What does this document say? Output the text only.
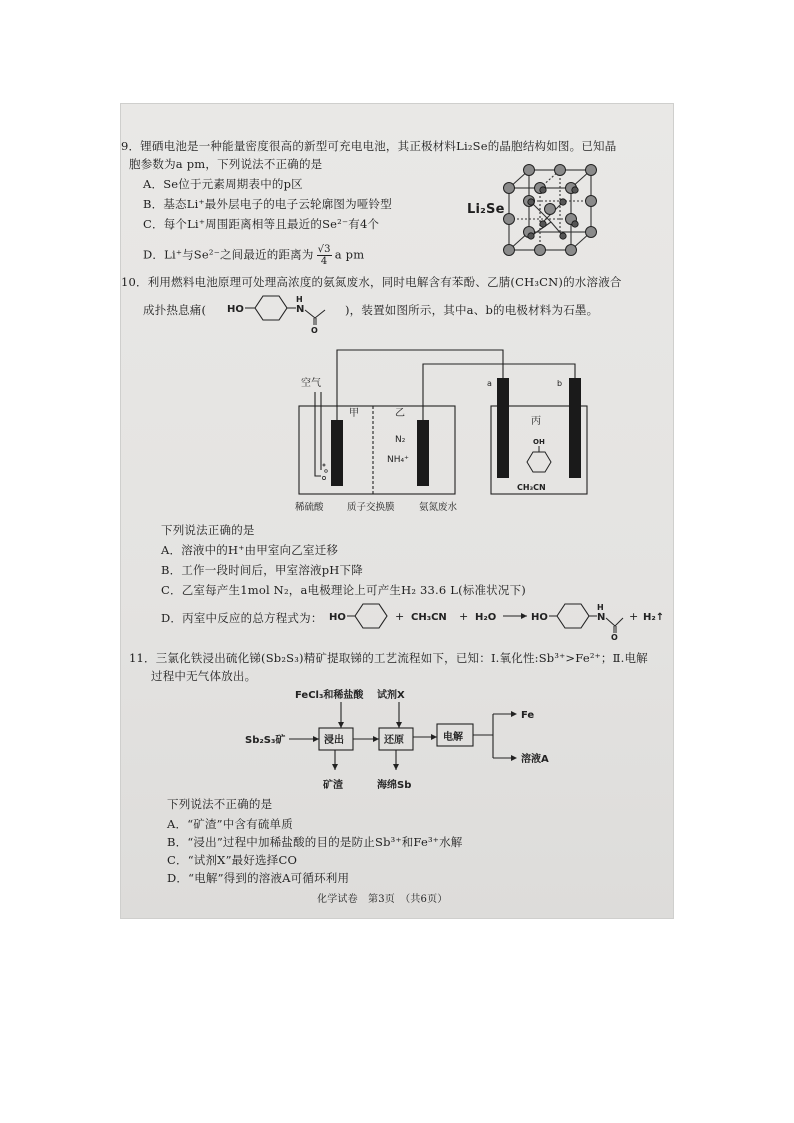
9．锂硒电池是一种能量密度很高的新型可充电电池，其正极材料Li₂Se的晶胞结构如图。已知晶
胞参数为a pm，下列说法不正确的是
A．Se位于元素周期表中的p区
B．基态Li⁺最外层电子的电子云轮廓图为哑铃型
C．每个Li⁺周围距离相等且最近的Se²⁻有4个
D．Li⁺与Se²⁻之间最近的距离为 $\frac{√3}{4}$ a pm
Li₂Se
10．利用燃料电池原理可处理高浓度的氨氮废水，同时电解含有苯酚、乙腈(CH₃CN)的水溶液合
成扑热息痛( HO
H
N
O
)，装置如图所示，其中a、b的电极材料为石墨。
空气
甲	乙
N₂
NH₄⁺
a	b
丙
OH
CH₃CN
稀硫酸 质子交换膜	氨氮废水
下列说法正确的是
A．溶液中的H⁺由甲室向乙室迁移
B．工作一段时间后，甲室溶液pH下降
C．乙室每产生1mol N₂，a电极理论上可产生H₂ 33.6 L(标准状况下)
D．丙室中反应的总方程式为： HO	+ CH₃CN + H₂O	HO
H
N
O
+ H₂↑
11．三氯化铁浸出硫化锑(Sb₂S₃)精矿提取锑的工艺流程如下，已知：Ⅰ.氧化性:Sb³⁺>Fe²⁺；Ⅱ.电解
过程中无气体放出。
Sb₂S₃矿
FeCl₃和稀盐酸 试剂X
浸出	还原	电解
矿渣	海绵Sb
Fe
溶液A
下列说法不正确的是
A．“矿渣”中含有硫单质
B．“浸出”过程中加稀盐酸的目的是防止Sb³⁺和Fe³⁺水解
C．“试剂X”最好选择CO
D．“电解”得到的溶液A可循环利用
化学试卷　第3页　（共6页）
